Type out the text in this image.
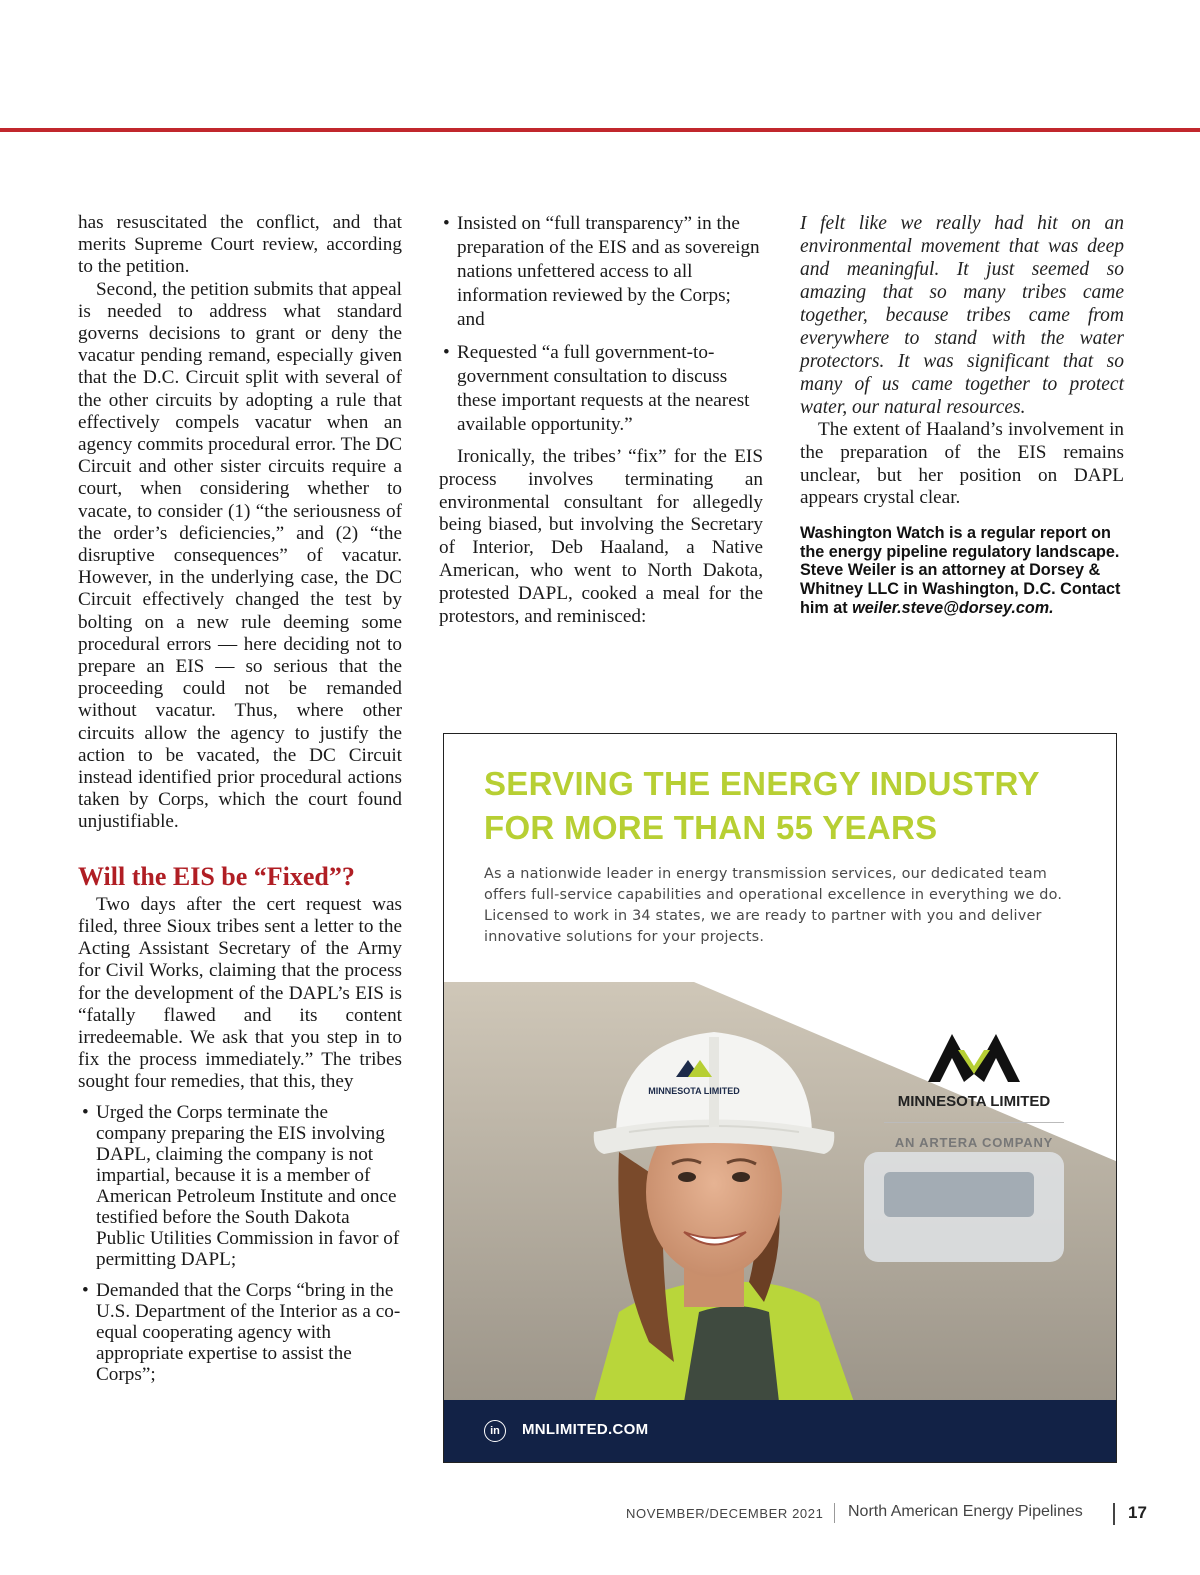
has resuscitated the conflict, and that merits Supreme Court review, according to the petition.

Second, the petition submits that appeal is needed to address what standard governs decisions to grant or deny the vacatur pending remand, especially given that the D.C. Circuit split with several of the other circuits by adopting a rule that effectively compels vacatur when an agency commits procedural error. The DC Circuit and other sister circuits require a court, when considering whether to vacate, to consider (1) “the seriousness of the order’s deficiencies,” and (2) “the disruptive consequences” of vacatur. However, in the underlying case, the DC Circuit effectively changed the test by bolting on a new rule deeming some procedural errors — here deciding not to prepare an EIS — so serious that the proceeding could not be remanded without vacatur. Thus, where other circuits allow the agency to justify the action to be vacated, the DC Circuit instead identified prior procedural actions taken by Corps, which the court found unjustifiable.

Will the EIS be “Fixed”?

Two days after the cert request was filed, three Sioux tribes sent a letter to the Acting Assistant Secretary of the Army for Civil Works, claiming that the process for the development of the DAPL’s EIS is “fatally flawed and its content irredeemable. We ask that you step in to fix the process immediately.” The tribes sought four remedies, that this, they

• Urged the Corps terminate the company preparing the EIS involving DAPL, claiming the company is not impartial, because it is a member of American Petroleum Institute and once testified before the South Dakota Public Utilities Commission in favor of permitting DAPL;
• Demanded that the Corps “bring in the U.S. Department of the Interior as a co-equal cooperating agency with appropriate expertise to assist the Corps”;
• Insisted on “full transparency” in the preparation of the EIS and as sovereign nations unfettered access to all information reviewed by the Corps; and
• Requested “a full government-to-government consultation to discuss these important requests at the nearest available opportunity.”

Ironically, the tribes’ “fix” for the EIS process involves terminating an environmental consultant for allegedly being biased, but involving the Secretary of Interior, Deb Haaland, a Native American, who went to North Dakota, protested DAPL, cooked a meal for the protestors, and reminisced:

I felt like we really had hit on an environmental movement that was deep and meaningful. It just seemed so amazing that so many tribes came together, because tribes came from everywhere to stand with the water protectors. It was significant that so many of us came together to protect water, our natural resources.

The extent of Haaland’s involvement in the preparation of the EIS remains unclear, but her position on DAPL appears crystal clear.

Washington Watch is a regular report on the energy pipeline regulatory landscape. Steve Weiler is an attorney at Dorsey & Whitney LLC in Washington, D.C. Contact him at weiler.steve@dorsey.com.
SERVING THE ENERGY INDUSTRY
FOR MORE THAN 55 YEARS
As a nationwide leader in energy transmission services, our dedicated team offers full-service capabilities and operational excellence in everything we do. Licensed to work in 34 states, we are ready to partner with you and deliver innovative solutions for your projects.
MINNESOTA LIMITED
MINNESOTA LIMITED
AN ARTERA COMPANY
in	MNLIMITED.COM
NOVEMBER/DECEMBER 2021 North American Energy Pipelines	17
